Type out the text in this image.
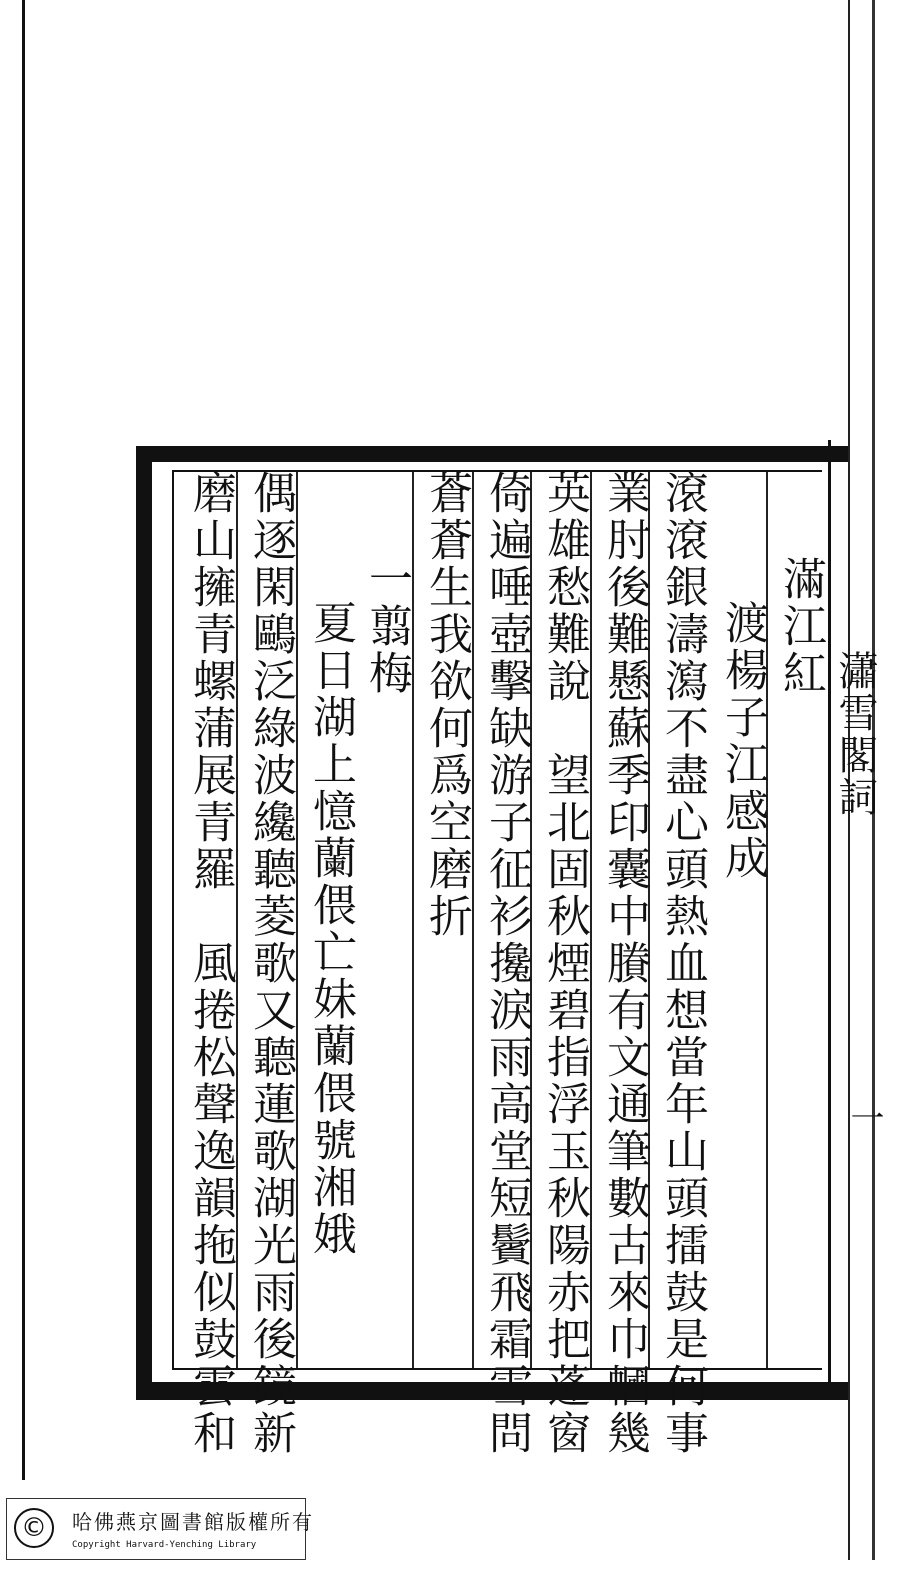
滿江紅
渡楊子江感成
滾滾銀濤瀉不盡心頭熱血想當年山頭擂鼓是何事
業肘後難懸蘇季印囊中賸有文通筆數古來巾幗幾
英雄愁難說　望北固秋煙碧指浮玉秋陽赤把蓬窗
倚遍唾壺擊缺游子征衫攙淚雨高堂短鬢飛霜雪問
蒼蒼生我欲何爲空磨折
一翦梅
夏日湖上憶蘭偎亡妹蘭偎號湘娥
偶逐閑鷗泛綠波纔聽菱歌又聽蓮歌湖光雨後鏡新
磨山擁青螺蒲展青羅　風捲松聲逸韻拖似鼓雲和	瀟雪閣詞
一
©	哈佛燕京圖書館版權所有
Copyright Harvard-Yenching Library
